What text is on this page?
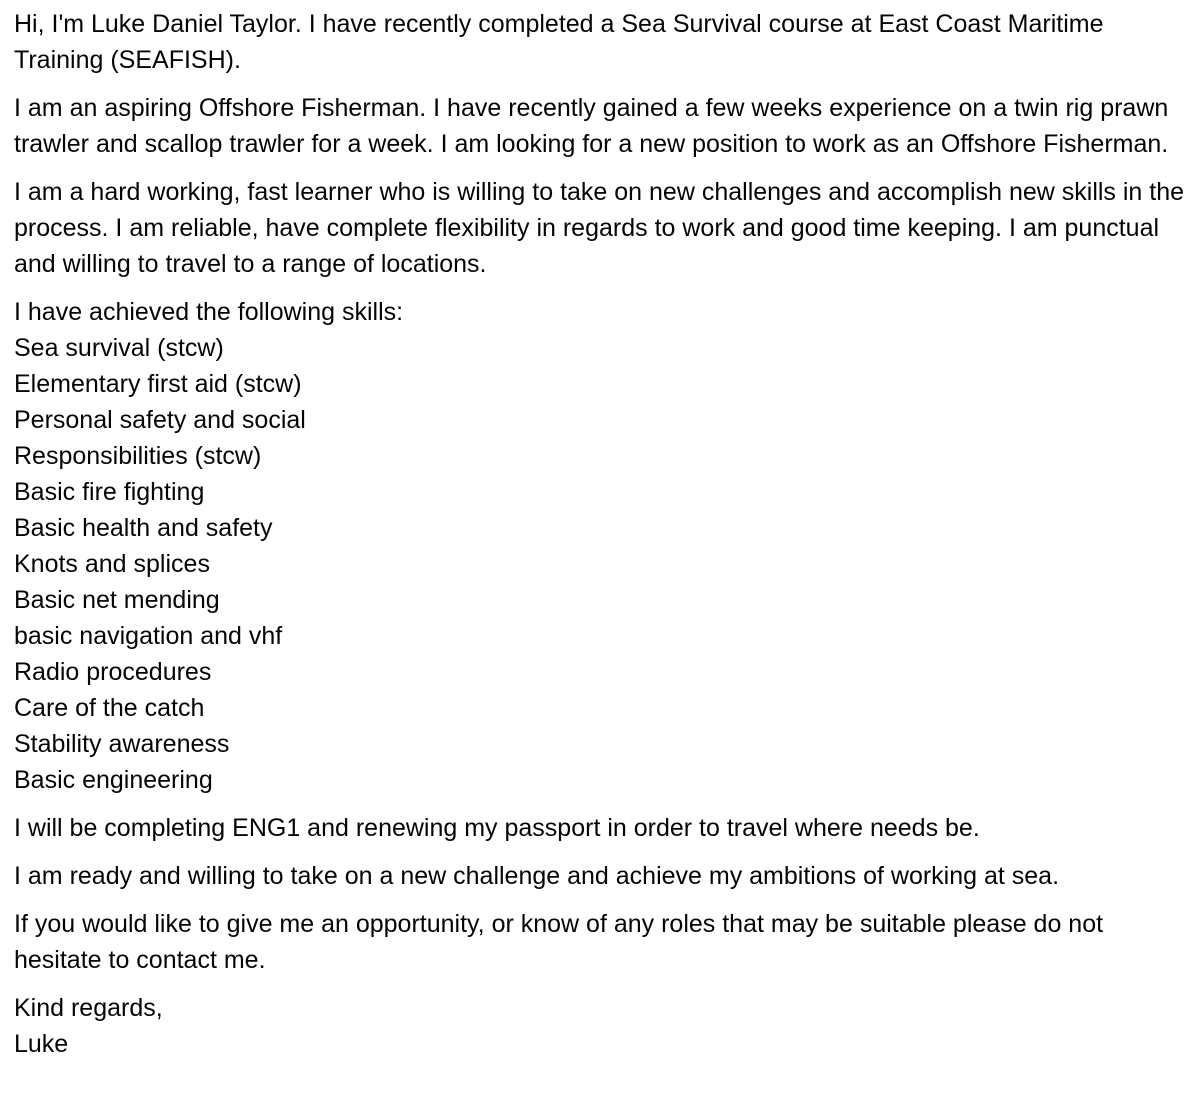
Hi, I'm Luke Daniel Taylor. I have recently completed a Sea Survival course at East Coast Maritime Training (SEAFISH).

I am an aspiring Offshore Fisherman. I have recently gained a few weeks experience on a twin rig prawn trawler and scallop trawler for a week. I am looking for a new position to work as an Offshore Fisherman.

I am a hard working, fast learner who is willing to take on new challenges and accomplish new skills in the process. I am reliable, have complete flexibility in regards to work and good time keeping. I am punctual and willing to travel to a range of locations.

I have achieved the following skills:

Sea survival (stcw)
Elementary first aid (stcw)
Personal safety and social
Responsibilities (stcw)
Basic fire fighting
Basic health and safety
Knots and splices
Basic net mending
basic navigation and vhf
Radio procedures
Care of the catch
Stability awareness
Basic engineering

I will be completing ENG1 and renewing my passport in order to travel where needs be.

I am ready and willing to take on a new challenge and achieve my ambitions of working at sea.

If you would like to give me an opportunity, or know of any roles that may be suitable please do not hesitate to contact me.

Kind regards,

Luke
